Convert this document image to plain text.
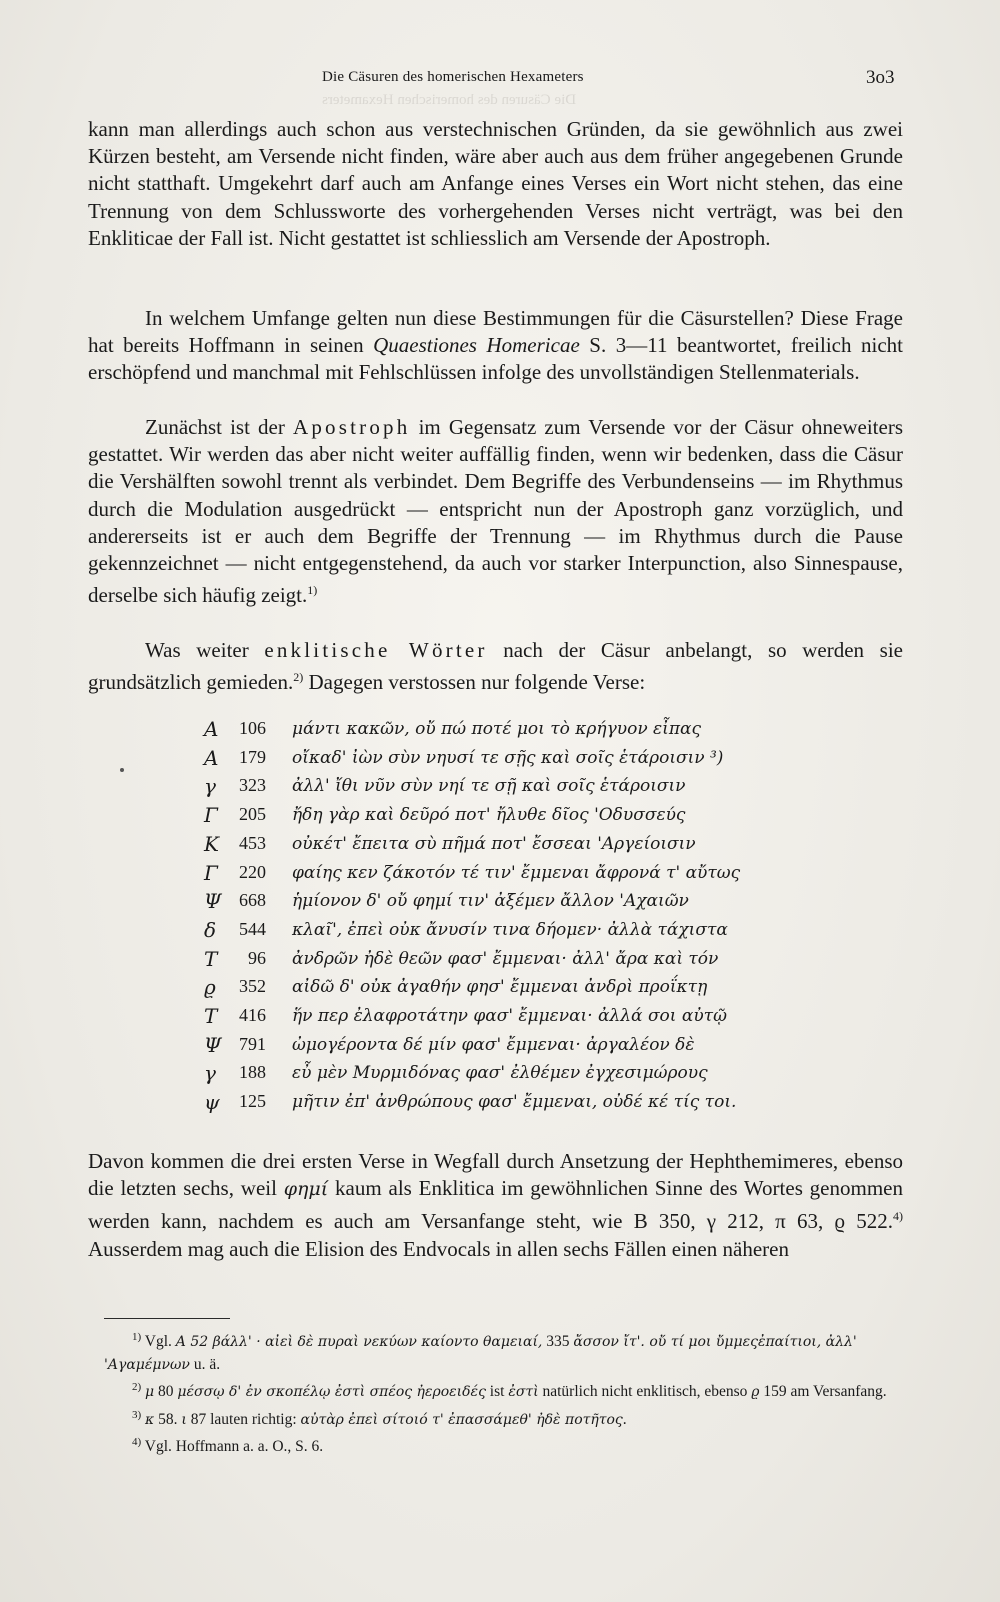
Die Cäsuren des homerischen Hexameters
Die Cäsuren des homerischen Hexameters	3o3
kann man allerdings auch schon aus verstechnischen Gründen, da sie gewöhnlich aus zwei Kürzen besteht, am Versende nicht finden, wäre aber auch aus dem früher angegebenen Grunde nicht statthaft. Umgekehrt darf auch am Anfange eines Verses ein Wort nicht stehen, das eine Trennung von dem Schlussworte des vorhergehenden Verses nicht verträgt, was bei den Enkliticae der Fall ist. Nicht gestattet ist schliesslich am Versende der Apostroph.
In welchem Umfange gelten nun diese Bestimmungen für die Cäsurstellen? Diese Frage hat bereits Hoffmann in seinen Quaestiones Homericae S. 3—11 beantwortet, freilich nicht erschöpfend und manchmal mit Fehlschlüssen infolge des unvollständigen Stellenmaterials.
Zunächst ist der Apostroph im Gegensatz zum Versende vor der Cäsur ohneweiters gestattet. Wir werden das aber nicht weiter auffällig finden, wenn wir bedenken, dass die Cäsur die Vershälften sowohl trennt als verbindet. Dem Begriffe des Verbundenseins — im Rhythmus durch die Modulation ausgedrückt — entspricht nun der Apostroph ganz vorzüglich, und andererseits ist er auch dem Begriffe der Trennung — im Rhythmus durch die Pause gekennzeichnet — nicht entgegenstehend, da auch vor starker Interpunction, also Sinnespause, derselbe sich häufig zeigt.$^{1)}$
Was weiter enklitische Wörter nach der Cäsur anbelangt, so werden sie grundsätzlich gemieden.$^{2)}$ Dagegen verstossen nur folgende Verse:
Α	106 μάντι κακῶν, οὔ πώ ποτέ μοι τὸ κρήγυον εἶπας
Α	179 οἴκαδ' ἰὼν σὺν νηυσί τε σῇς καὶ σοῖς ἑτάροισιν ³)
γ	323 ἀλλ' ἴθι νῦν σὺν νηί τε σῇ καὶ σοῖς ἑτάροισιν
Γ	205 ἤδη γὰρ καὶ δεῦρό ποτ' ἤλυθε δῖος 'Οδυσσεύς
Κ	453 οὐκέτ' ἔπειτα σὺ πῆμά ποτ' ἔσσεαι 'Αργείοισιν
Γ	220 φαίης κεν ζάκοτόν τέ τιν' ἔμμεναι ἄφρονά τ' αὔτως
Ψ 668 ἡμίονον δ' οὔ φημί τιν' ἀξέμεν ἄλλον 'Αχαιῶν
δ	544 κλαῖ', ἐπεὶ οὐκ ἄνυσίν τινα δήομεν· ἀλλὰ τάχιστα
Τ	96 ἀνδρῶν ἠδὲ θεῶν φασ' ἔμμεναι· ἀλλ' ἄρα καὶ τόν
ϱ	352 αἰδῶ δ' οὐκ ἀγαθήν φησ' ἔμμεναι ἀνδρὶ προΐκτῃ
Τ	416 ἥν περ ἐλαφροτάτην φασ' ἔμμεναι· ἀλλά σοι αὐτῷ
Ψ 791 ὠμογέροντα δέ μίν φασ' ἔμμεναι· ἀργαλέον δὲ
γ	188 εὖ μὲν Μυρμιδόνας φασ' ἐλθέμεν ἐγχεσιμώρους
ψ	125 μῆτιν ἐπ' ἀνθρώπους φασ' ἔμμεναι, οὐδέ κέ τίς τοι.
Davon kommen die drei ersten Verse in Wegfall durch Ansetzung der Hephthemimeres, ebenso die letzten sechs, weil φημί kaum als Enklitica im gewöhnlichen Sinne des Wortes genommen werden kann, nachdem es auch am Versanfange steht, wie Β 350, γ 212, π 63, ϱ 522.$^{4)}$ Ausserdem mag auch die Elision des Endvocals in allen sechs Fällen einen näheren
$^{1)}$ Vgl. Α 52 βάλλ' · αἰεὶ δὲ πυραὶ νεκύων καίοντο θαμειαί, 335 ἄσσον ἴτ'. οὔ τί μοι ὔμμεςἐπαίτιοι, ἀλλ' 'Αγαμέμνων u. ä.
$^{2)}$ μ 80 μέσσῳ δ' ἐν σκοπέλῳ ἐστὶ σπέος ἠεροειδές ist ἐστὶ natürlich nicht enklitisch, ebenso ϱ 159 am Versanfang.
$^{3)}$ κ 58. ι 87 lauten richtig: αὐτὰρ ἐπεὶ σίτοιό τ' ἐπασσάμεθ' ἠδὲ ποτῆτος.
$^{4)}$ Vgl. Hoffmann a. a. O., S. 6.
